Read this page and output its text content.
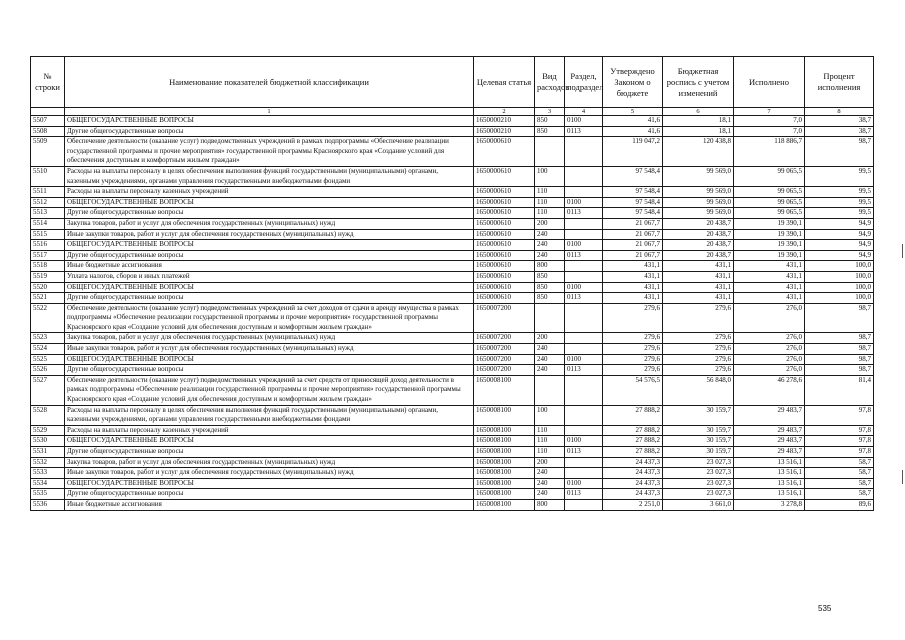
№ строки	Наименование показателей бюджетной классификации	Целевая статья	Вид расходов	Раздел, подраздел	Утверждено Законом о бюджете	Бюджетная роспись с учетом изменений	Исполнено	Процент исполнения
	1	2	3	4	5	6	7	8
5507	ОБЩЕГОСУДАРСТВЕННЫЕ ВОПРОСЫ	1650000210	850	0100	41,6	18,1	7,0	38,7
5508	Другие общегосударственные вопросы	1650000210	850	0113	41,6	18,1	7,0	38,7
5509	Обеспечение деятельности (оказание услуг) подведомственных учреждений в рамках подпрограммы «Обеспечение реализации государственной программы и прочие мероприятия» государственной программы Красноярского края «Создание условий для обеспечения доступным и комфортным жильем граждан»	1650000610			119 047,2	120 438,8	118 886,7	98,7
5510	Расходы на выплаты персоналу в целях обеспечения выполнения функций государственными (муниципальными) органами, казенными учреждениями, органами управления государственными внебюджетными фондами	1650000610	100		97 548,4	99 569,0	99 065,5	99,5
5511	Расходы на выплаты персоналу казенных учреждений	1650000610	110		97 548,4	99 569,0	99 065,5	99,5
5512	ОБЩЕГОСУДАРСТВЕННЫЕ ВОПРОСЫ	1650000610	110	0100	97 548,4	99 569,0	99 065,5	99,5
5513	Другие общегосударственные вопросы	1650000610	110	0113	97 548,4	99 569,0	99 065,5	99,5
5514	Закупка товаров, работ и услуг для обеспечения государственных (муниципальных) нужд	1650000610	200		21 067,7	20 438,7	19 390,1	94,9
5515	Иные закупки товаров, работ и услуг для обеспечения государственных (муниципальных) нужд	1650000610	240		21 067,7	20 438,7	19 390,1	94,9
5516	ОБЩЕГОСУДАРСТВЕННЫЕ ВОПРОСЫ	1650000610	240	0100	21 067,7	20 438,7	19 390,1	94,9
5517	Другие общегосударственные вопросы	1650000610	240	0113	21 067,7	20 438,7	19 390,1	94,9
5518	Иные бюджетные ассигнования	1650000610	800		431,1	431,1	431,1	100,0
5519	Уплата налогов, сборов и иных платежей	1650000610	850		431,1	431,1	431,1	100,0
5520	ОБЩЕГОСУДАРСТВЕННЫЕ ВОПРОСЫ	1650000610	850	0100	431,1	431,1	431,1	100,0
5521	Другие общегосударственные вопросы	1650000610	850	0113	431,1	431,1	431,1	100,0
5522	Обеспечение деятельности (оказание услуг) подведомственных учреждений за счет доходов от сдачи в аренду имущества в рамках подпрограммы «Обеспечение реализации государственной программы и прочие мероприятия» государственной программы Красноярского края «Создание условий для обеспечения доступным и комфортным жильем граждан»	1650007200			279,6	279,6	276,0	98,7
5523	Закупка товаров, работ и услуг для обеспечения государственных (муниципальных) нужд	1650007200	200		279,6	279,6	276,0	98,7
5524	Иные закупки товаров, работ и услуг для обеспечения государственных (муниципальных) нужд	1650007200	240		279,6	279,6	276,0	98,7
5525	ОБЩЕГОСУДАРСТВЕННЫЕ ВОПРОСЫ	1650007200	240	0100	279,6	279,6	276,0	98,7
5526	Другие общегосударственные вопросы	1650007200	240	0113	279,6	279,6	276,0	98,7
5527	Обеспечение деятельности (оказание услуг) подведомственных учреждений за счет средств от приносящей доход деятельности в рамках подпрограммы «Обеспечение реализации государственной программы и прочие мероприятия» государственной программы Красноярского края «Создание условий для обеспечения доступным и комфортным жильем граждан»	1650008100			54 576,5	56 848,0	46 278,6	81,4
5528	Расходы на выплаты персоналу в целях обеспечения выполнения функций государственными (муниципальными) органами, казенными учреждениями, органами управления государственными внебюджетными фондами	1650008100	100		27 888,2	30 159,7	29 483,7	97,8
5529	Расходы на выплаты персоналу казенных учреждений	1650008100	110		27 888,2	30 159,7	29 483,7	97,8
5530	ОБЩЕГОСУДАРСТВЕННЫЕ ВОПРОСЫ	1650008100	110	0100	27 888,2	30 159,7	29 483,7	97,8
5531	Другие общегосударственные вопросы	1650008100	110	0113	27 888,2	30 159,7	29 483,7	97,8
5532	Закупка товаров, работ и услуг для обеспечения государственных (муниципальных) нужд	1650008100	200		24 437,3	23 027,3	13 516,1	58,7
5533	Иные закупки товаров, работ и услуг для обеспечения государственных (муниципальных) нужд	1650008100	240		24 437,3	23 027,3	13 516,1	58,7
5534	ОБЩЕГОСУДАРСТВЕННЫЕ ВОПРОСЫ	1650008100	240	0100	24 437,3	23 027,3	13 516,1	58,7
5535	Другие общегосударственные вопросы	1650008100	240	0113	24 437,3	23 027,3	13 516,1	58,7
5536	Иные бюджетные ассигнования	1650008100	800		2 251,0	3 661,0	3 278,8	89,6
535
